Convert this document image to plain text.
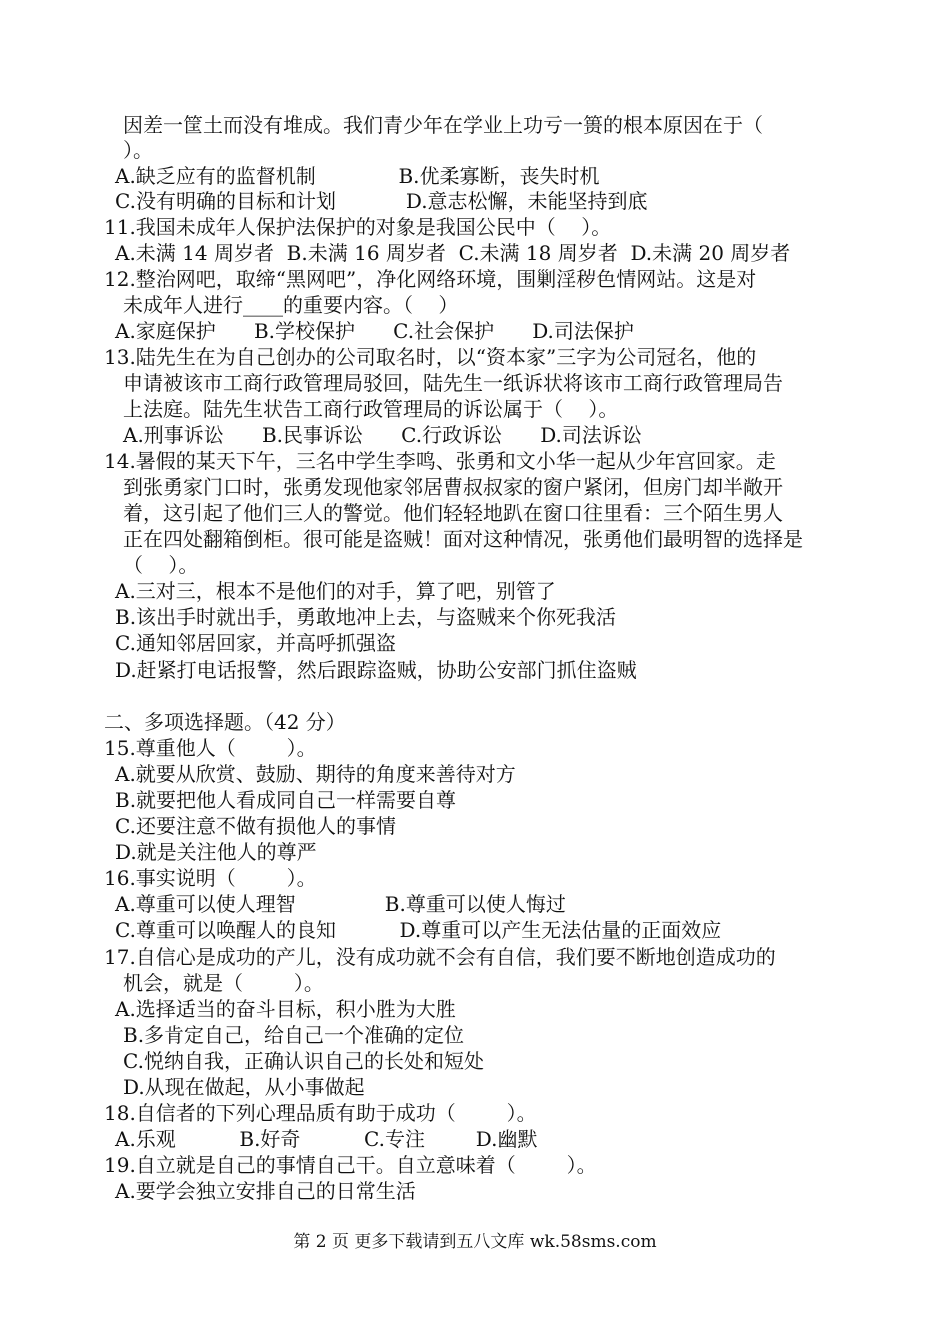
因差一筐土而没有堆成。我们青少年在学业上功亏一篑的根本原因在于（
）。
A.缺乏应有的监督机制             B.优柔寡断，丧失时机
C.没有明确的目标和计划           D.意志松懈，未能坚持到底
11.我国未成年人保护法保护的对象是我国公民中（    ）。
A.未满 14 周岁者  B.未满 16 周岁者  C.未满 18 周岁者  D.未满 20 周岁者
12.整治网吧，取缔“黑网吧”，净化网络环境，围剿淫秽色情网站。这是对
未成年人进行____的重要内容。（    ）
A.家庭保护      B.学校保护      C.社会保护      D.司法保护
13.陆先生在为自己创办的公司取名时，以“资本家”三字为公司冠名，他的
申请被该市工商行政管理局驳回，陆先生一纸诉状将该市工商行政管理局告
上法庭。陆先生状告工商行政管理局的诉讼属于（    ）。
A.刑事诉讼      B.民事诉讼      C.行政诉讼      D.司法诉讼
14.暑假的某天下午，三名中学生李鸣、张勇和文小华一起从少年宫回家。走
到张勇家门口时，张勇发现他家邻居曹叔叔家的窗户紧闭，但房门却半敞开
着，这引起了他们三人的警觉。他们轻轻地趴在窗口往里看：三个陌生男人
正在四处翻箱倒柜。很可能是盗贼！面对这种情况，张勇他们最明智的选择是
（    ）。
A.三对三，根本不是他们的对手，算了吧，别管了
B.该出手时就出手，勇敢地冲上去，与盗贼来个你死我活
C.通知邻居回家，并高呼抓强盗
D.赶紧打电话报警，然后跟踪盗贼，协助公安部门抓住盗贼
二、多项选择题。（42 分）
15.尊重他人（        ）。
A.就要从欣赏、鼓励、期待的角度来善待对方
B.就要把他人看成同自己一样需要自尊
C.还要注意不做有损他人的事情
D.就是关注他人的尊严
16.事实说明（        ）。
A.尊重可以使人理智              B.尊重可以使人悔过
C.尊重可以唤醒人的良知          D.尊重可以产生无法估量的正面效应
17.自信心是成功的产儿，没有成功就不会有自信，我们要不断地创造成功的
机会，就是（        ）。
A.选择适当的奋斗目标，积小胜为大胜
B.多肯定自己，给自己一个准确的定位
C.悦纳自我，正确认识自己的长处和短处
D.从现在做起，从小事做起
18.自信者的下列心理品质有助于成功（        ）。
A.乐观          B.好奇          C.专注        D.幽默
19.自立就是自己的事情自己干。自立意味着（        ）。
A.要学会独立安排自己的日常生活
第 2 页 更多下载请到五八文库 wk.58sms.com
